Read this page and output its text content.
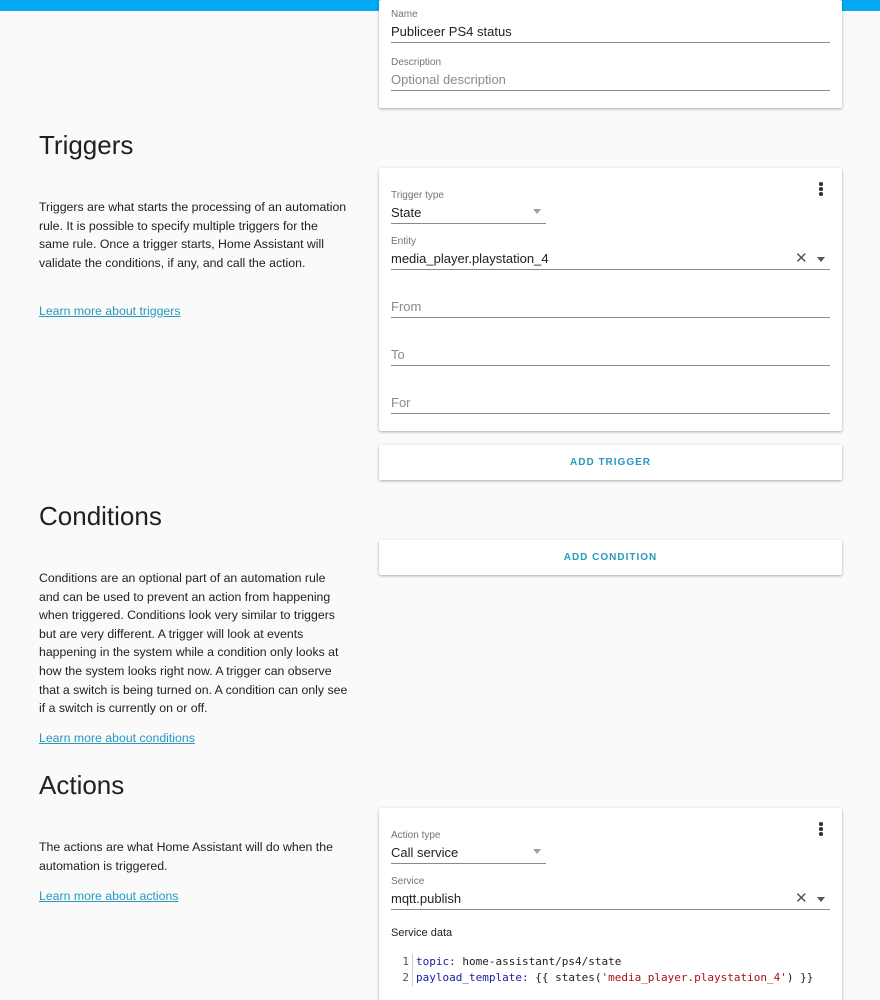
Name
Publiceer PS4 status
Description
Optional description
Triggers
Triggers are what starts the processing of an automation rule. It is possible to specify multiple triggers for the same rule. Once a trigger starts, Home Assistant will validate the conditions, if any, and call the action.
Learn more about triggers
Trigger type
State
Entity
media_player.playstation_4	✕
From
To
For
ADD TRIGGER
Conditions
Conditions are an optional part of an automation rule and can be used to prevent an action from happening when triggered. Conditions look very similar to triggers but are very different. A trigger will look at events happening in the system while a condition only looks at how the system looks right now. A trigger can observe that a switch is being turned on. A condition can only see if a switch is currently on or off.
Learn more about conditions
ADD CONDITION
Actions
The actions are what Home Assistant will do when the automation is triggered.
Learn more about actions
Action type
Call service
Service
mqtt.publish	✕
Service data
1 topic: home-assistant/ps4/state
2 payload_template: {{ states('media_player.playstation_4') }}
